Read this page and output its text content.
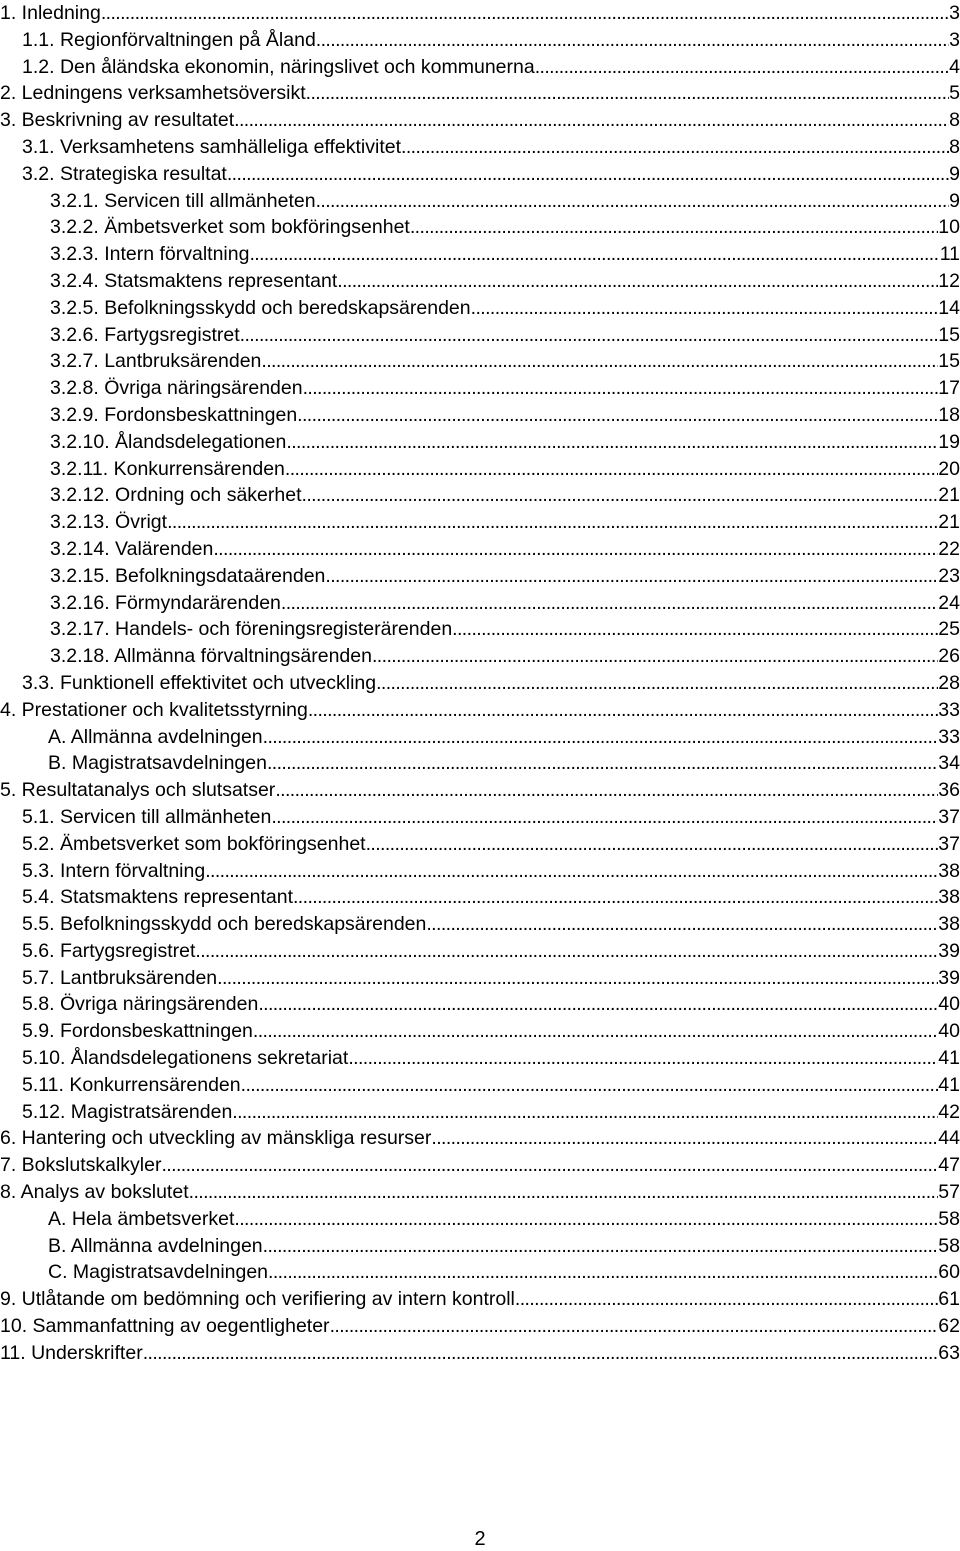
1. Inledning .....	3
1.1. Regionförvaltningen på Åland .....	3
1.2. Den åländska ekonomin, näringslivet och kommunerna .....	4
2. Ledningens verksamhetsöversikt .....	5
3. Beskrivning av resultatet .....	8
3.1. Verksamhetens samhälleliga effektivitet .....	8
3.2. Strategiska resultat .....	9
3.2.1. Servicen till allmänheten .....	9
3.2.2. Ämbetsverket som bokföringsenhet .....	10
3.2.3. Intern förvaltning .....	11
3.2.4. Statsmaktens representant .....	12
3.2.5. Befolkningsskydd och beredskapsärenden .....	14
3.2.6. Fartygsregistret .....	15
3.2.7. Lantbruksärenden .....	15
3.2.8. Övriga näringsärenden .....	17
3.2.9. Fordonsbeskattningen .....	18
3.2.10. Ålandsdelegationen .....	19
3.2.11. Konkurrensärenden .....	20
3.2.12. Ordning och säkerhet .....	21
3.2.13. Övrigt .....	21
3.2.14. Valärenden .....	22
3.2.15. Befolkningsdataärenden .....	23
3.2.16. Förmyndarärenden .....	24
3.2.17. Handels- och föreningsregisterärenden .....	25
3.2.18. Allmänna förvaltningsärenden .....	26
3.3. Funktionell effektivitet och utveckling .....	28
4. Prestationer och kvalitetsstyrning .....	33
A. Allmänna avdelningen .....	33
B. Magistratsavdelningen .....	34
5. Resultatanalys och slutsatser .....	36
5.1. Servicen till allmänheten .....	37
5.2. Ämbetsverket som bokföringsenhet .....	37
5.3. Intern förvaltning .....	38
5.4. Statsmaktens representant .....	38
5.5. Befolkningsskydd och beredskapsärenden .....	38
5.6. Fartygsregistret .....	39
5.7. Lantbruksärenden .....	39
5.8. Övriga näringsärenden .....	40
5.9. Fordonsbeskattningen .....	40
5.10. Ålandsdelegationens sekretariat .....	41
5.11. Konkurrensärenden .....	41
5.12. Magistratsärenden .....	42
6. Hantering och utveckling av mänskliga resurser .....	44
7. Bokslutskalkyler .....	47
8. Analys av bokslutet .....	57
A. Hela ämbetsverket .....	58
B. Allmänna avdelningen .....	58
C. Magistratsavdelningen .....	60
9. Utlåtande om bedömning och verifiering av intern kontroll .....	61
10. Sammanfattning av oegentligheter .....	62
11. Underskrifter .....	63
2
